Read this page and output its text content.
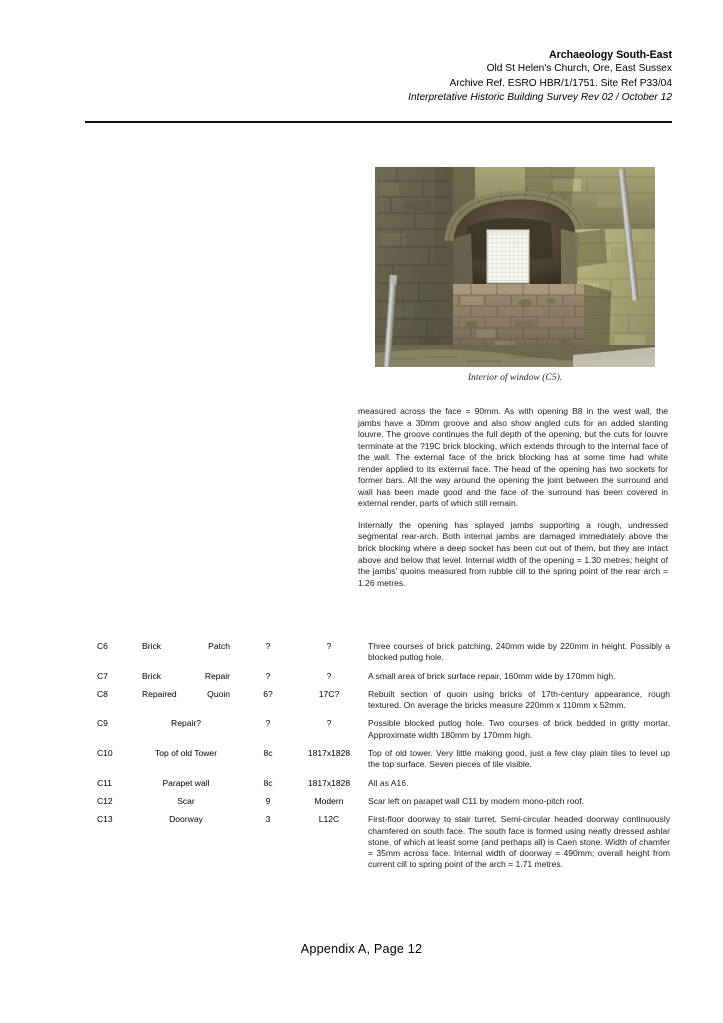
Archaeology South-East
Old St Helen's Church, Ore, East Sussex
Archive Ref. ESRO HBR/1/1751. Site Ref P33/04
Interpretative Historic Building Survey Rev 02 / October 12
Interior of window (C5).

measured across the face = 90mm. As with opening B8 in the west wall, the jambs have a 30mm groove and also show angled cuts for an added slanting louvre. The groove continues the full depth of the opening, but the cuts for louvre terminate at the ?19C brick blocking, which extends through to the internal face of the wall. The external face of the brick blocking has at some time had white render applied to its external face. The head of the opening has two sockets for former bars. All the way around the opening the joint between the surround and wall has been made good and the face of the surround has been covered in external render, parts of which still remain.

Internally the opening has splayed jambs supporting a rough, undressed segmental rear-arch. Both internal jambs are damaged immediately above the brick blocking where a deep socket has been cut out of them, but they are intact above and below that level. Internal width of the opening = 1.30 metres; height of the jambs' quoins measured from rubble cill to the spring point of the rear arch = 1.26 metres.

C6	Brick Patch	?	?	Three courses of brick patching, 240mm wide by 220mm in height. Possibly a blocked putlog hole.
C7	Brick Repair	?	?	A small area of brick surface repair, 160mm wide by 170mm high.
C8	Repaired Quoin	6?	17C?	Rebuilt section of quoin using bricks of 17th-century appearance, rough textured. On average the bricks measure 220mm x 110mm x 52mm.
C9	Repair?	?	?	Possible blocked putlog hole. Two courses of brick bedded in gritty mortar. Approximate width 180mm by 170mm high.
C10	Top of old Tower	8c	1817x1828	Top of old tower. Very little making good, just a few clay plain tiles to level up the top surface. Seven pieces of tile visible.
C11	Parapet wall	8c	1817x1828	All as A16.
C12	Scar	9	Modern	Scar left on parapet wall C11 by modern mono-pitch roof.
C13	Doorway	3	L12C	First-floor doorway to stair turret. Semi-circular headed doorway continuously chamfered on south face. The south face is formed using neatly dressed ashlar stone, of which at least some (and perhaps all) is Caen stone. Width of chamfer = 35mm across face. Internal width of doorway = 490mm; overall height from current cill to spring point of the arch = 1.71 metres.
Appendix A, Page 12
